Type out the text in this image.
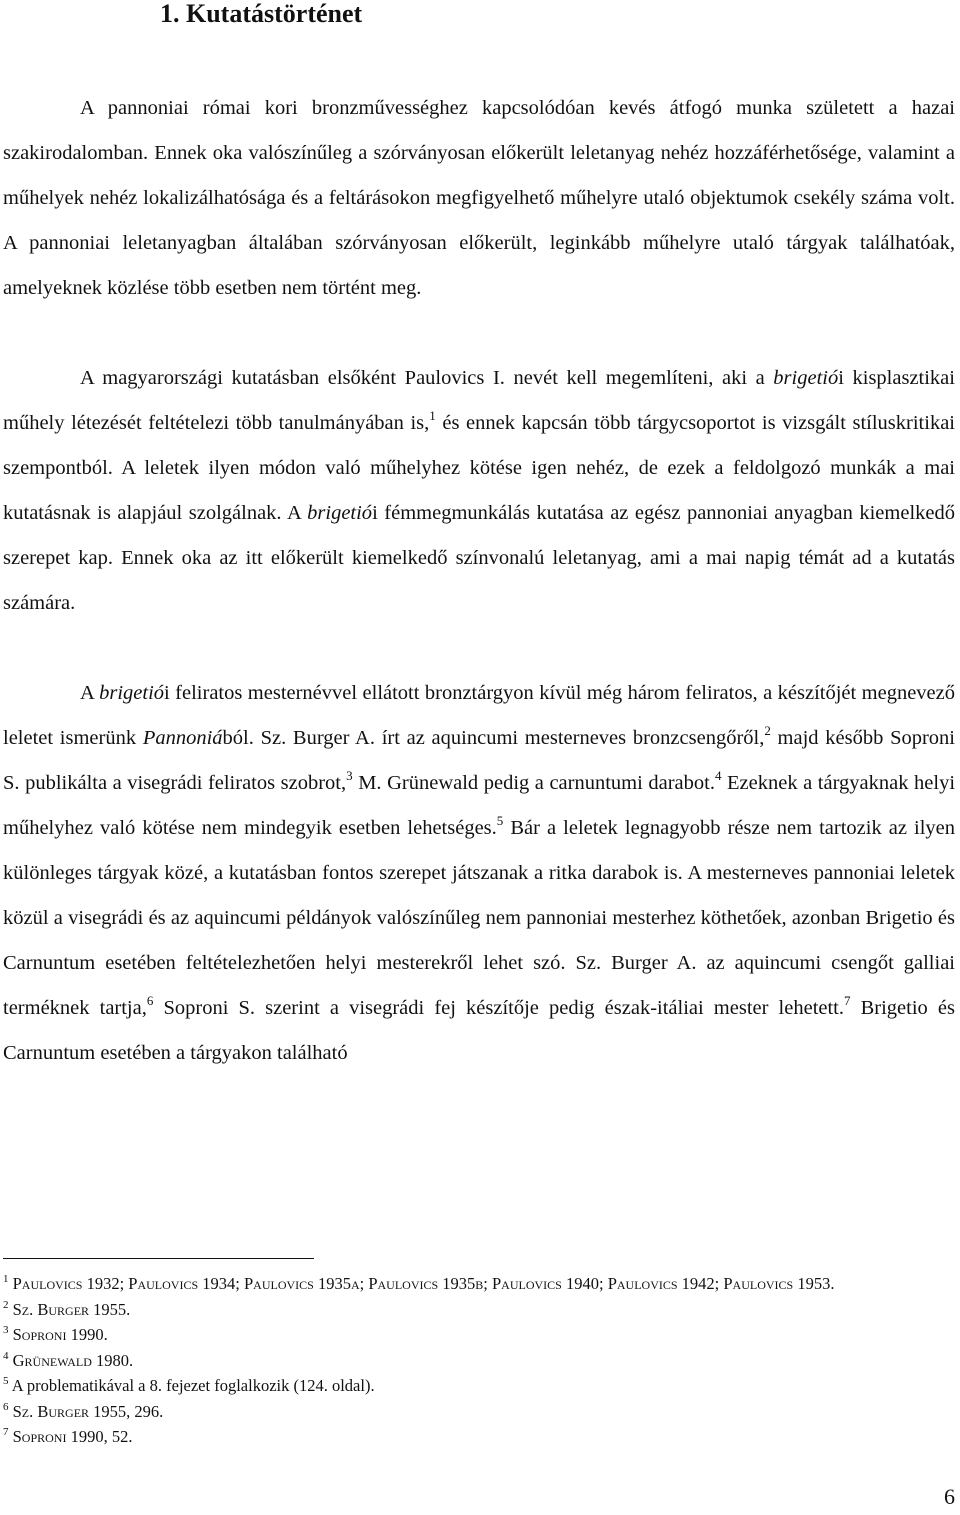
1. Kutatástörténet

A pannoniai római kori bronzművességhez kapcsolódóan kevés átfogó munka született a hazai szakirodalomban. Ennek oka valószínűleg a szórványosan előkerült leletanyag nehéz hozzáférhetősége, valamint a műhelyek nehéz lokalizálhatósága és a feltárásokon megfigyelhető műhelyre utaló objektumok csekély száma volt. A pannoniai leletanyagban általában szórványosan előkerült, leginkább műhelyre utaló tárgyak találhatóak, amelyeknek közlése több esetben nem történt meg.

A magyarországi kutatásban elsőként Paulovics I. nevét kell megemlíteni, aki a brigetiói kisplasztikai műhely létezését feltételezi több tanulmányában is,$^1$ és ennek kapcsán több tárgycsoportot is vizsgált stíluskritikai szempontból. A leletek ilyen módon való műhelyhez kötése igen nehéz, de ezek a feldolgozó munkák a mai kutatásnak is alapjául szolgálnak. A brigetiói fémmegmunkálás kutatása az egész pannoniai anyagban kiemelkedő szerepet kap. Ennek oka az itt előkerült kiemelkedő színvonalú leletanyag, ami a mai napig témát ad a kutatás számára.

A brigetiói feliratos mesternévvel ellátott bronztárgyon kívül még három feliratos, a készítőjét megnevező leletet ismerünk Pannoniából. Sz. Burger A. írt az aquincumi mesterneves bronzcsengőről,$^2$ majd később Soproni S. publikálta a visegrádi feliratos szobrot,$^3$ M. Grünewald pedig a carnuntumi darabot.$^4$ Ezeknek a tárgyaknak helyi műhelyhez való kötése nem mindegyik esetben lehetséges.$^5$ Bár a leletek legnagyobb része nem tartozik az ilyen különleges tárgyak közé, a kutatásban fontos szerepet játszanak a ritka darabok is. A mesterneves pannoniai leletek közül a visegrádi és az aquincumi példányok valószínűleg nem pannoniai mesterhez köthetőek, azonban Brigetio és Carnuntum esetében feltételezhetően helyi mesterekről lehet szó. Sz. Burger A. az aquincumi csengőt galliai terméknek tartja,$^6$ Soproni S. szerint a visegrádi fej készítője pedig észak-itáliai mester lehetett.$^7$ Brigetio és Carnuntum esetében a tárgyakon található

$^1$ Paulovics 1932; Paulovics 1934; Paulovics 1935a; Paulovics 1935b; Paulovics 1940; Paulovics 1942; Paulovics 1953.

$^2$ Sz. Burger 1955.

$^3$ Soproni 1990.

$^4$ Grünewald 1980.

$^5$ A problematikával a 8. fejezet foglalkozik (124. oldal).

$^6$ Sz. Burger 1955, 296.

$^7$ Soproni 1990, 52.

6
